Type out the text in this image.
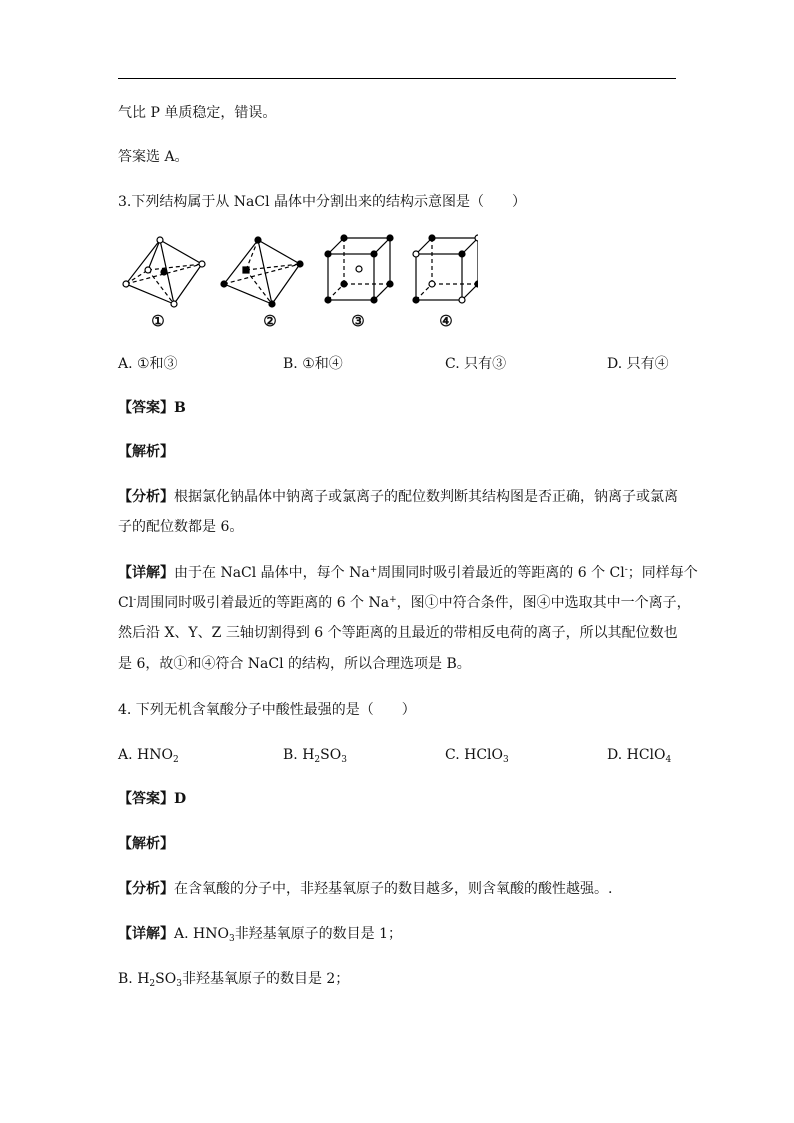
气比 P 单质稳定，错误。
答案选 A。
3.下列结构属于从 NaCl 晶体中分割出来的结构示意图是（　　）
①	②	③	④
A. ①和③	B. ①和④	C. 只有③	D. 只有④
【答案】B
【解析】
【分析】根据氯化钠晶体中钠离子或氯离子的配位数判断其结构图是否正确，钠离子或氯离
子的配位数都是 6。
【详解】由于在 NaCl 晶体中，每个 Na+周围同时吸引着最近的等距离的 6 个 Cl-；同样每个
Cl-周围同时吸引着最近的等距离的 6 个 Na+，图①中符合条件，图④中选取其中一个离子，
然后沿 X、Y、Z 三轴切割得到 6 个等距离的且最近的带相反电荷的离子，所以其配位数也
是 6，故①和④符合 NaCl 的结构，所以合理选项是 B。
4. 下列无机含氧酸分子中酸性最强的是（　　）
A. $HNO_2$	B. $H_2SO_3$	C. HClO$_3$	D. HClO$_4$
【答案】D
【解析】
【分析】在含氧酸的分子中，非羟基氧原子的数目越多，则含氧酸的酸性越强。.
【详解】A. $HNO_3$非羟基氧原子的数目是 1；
B. $H_2SO_3$非羟基氧原子的数目是 2；
